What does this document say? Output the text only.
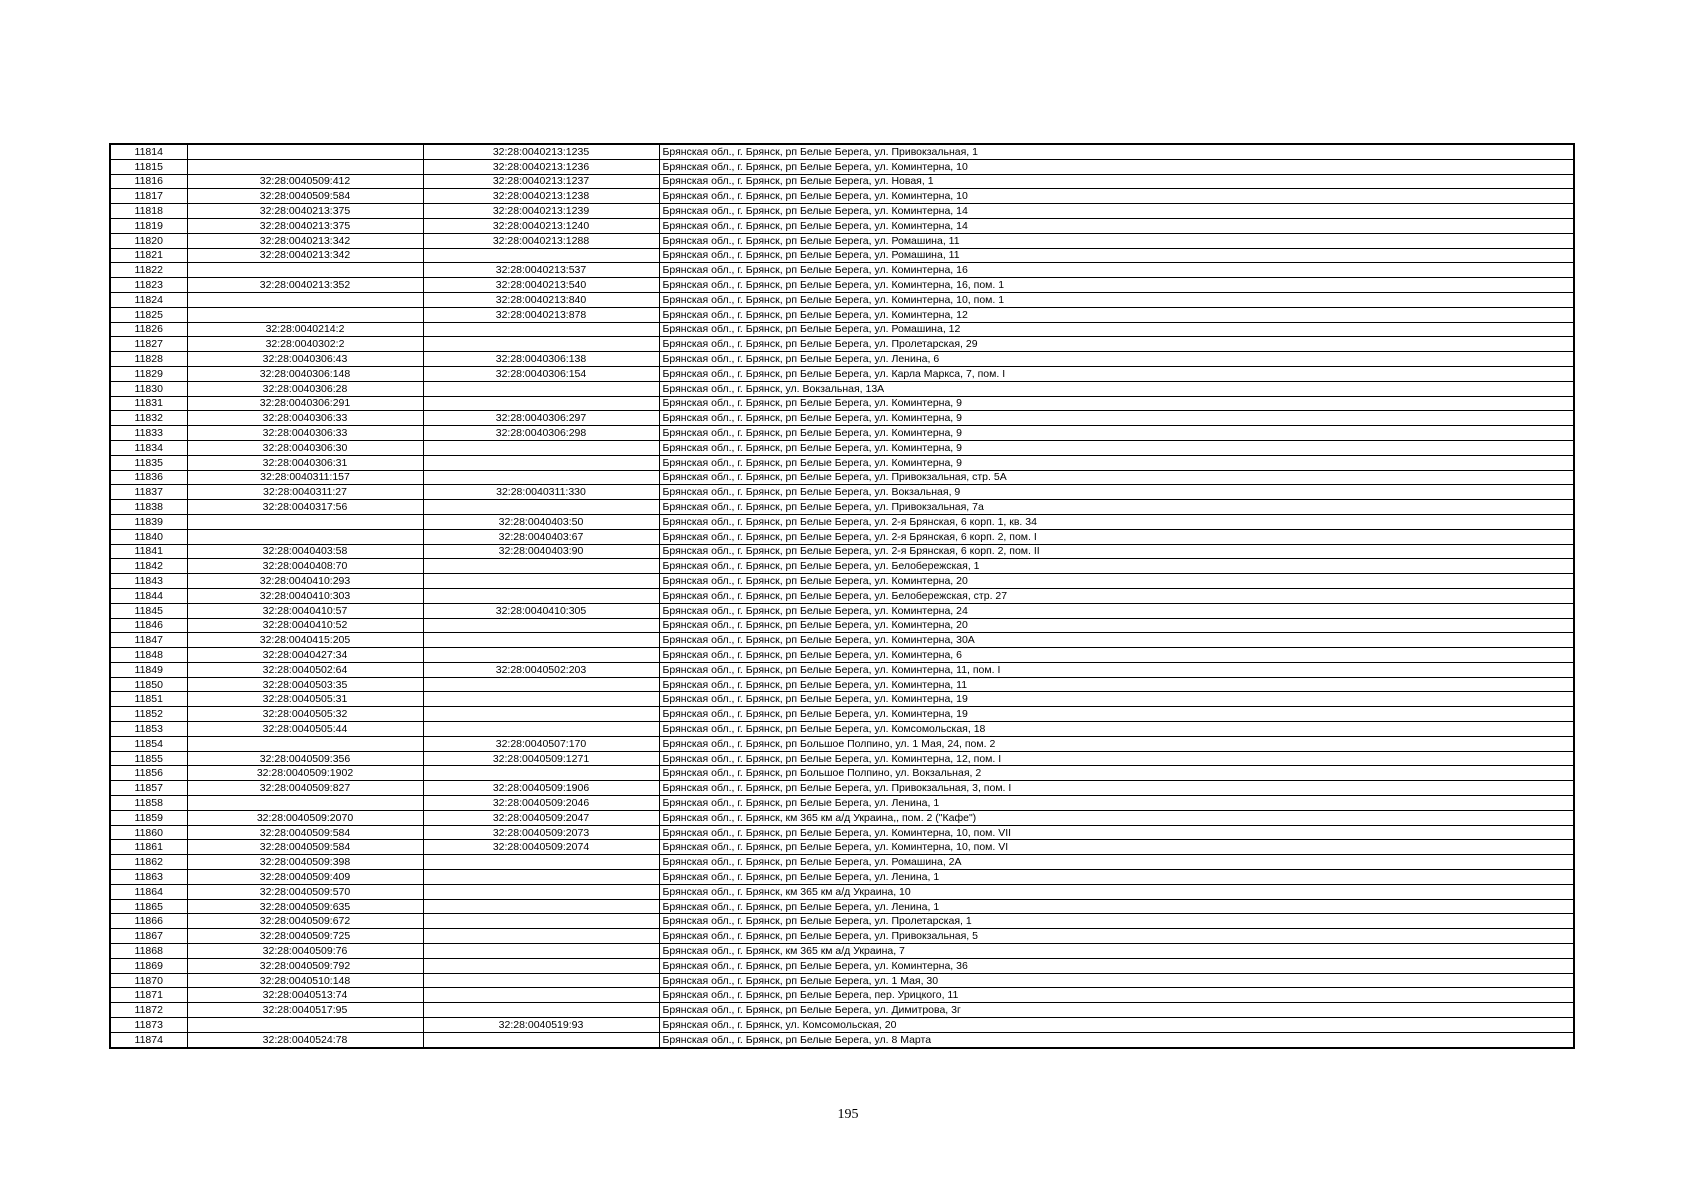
11814		32:28:0040213:1235	Брянская обл., г. Брянск, рп Белые Берега, ул. Привокзальная, 1
11815		32:28:0040213:1236	Брянская обл., г. Брянск, рп Белые Берега, ул. Коминтерна, 10
11816	32:28:0040509:412	32:28:0040213:1237	Брянская обл., г. Брянск, рп Белые Берега, ул. Новая, 1
11817	32:28:0040509:584	32:28:0040213:1238	Брянская обл., г. Брянск, рп Белые Берега, ул. Коминтерна, 10
11818	32:28:0040213:375	32:28:0040213:1239	Брянская обл., г. Брянск, рп Белые Берега, ул. Коминтерна, 14
11819	32:28:0040213:375	32:28:0040213:1240	Брянская обл., г. Брянск, рп Белые Берега, ул. Коминтерна, 14
11820	32:28:0040213:342	32:28:0040213:1288	Брянская обл., г. Брянск, рп Белые Берега, ул. Ромашина, 11
11821	32:28:0040213:342		Брянская обл., г. Брянск, рп Белые Берега, ул. Ромашина, 11
11822		32:28:0040213:537	Брянская обл., г. Брянск, рп Белые Берега, ул. Коминтерна, 16
11823	32:28:0040213:352	32:28:0040213:540	Брянская обл., г. Брянск, рп Белые Берега, ул. Коминтерна, 16, пом. 1
11824		32:28:0040213:840	Брянская обл., г. Брянск, рп Белые Берега, ул. Коминтерна, 10, пом. 1
11825		32:28:0040213:878	Брянская обл., г. Брянск, рп Белые Берега, ул. Коминтерна, 12
11826	32:28:0040214:2		Брянская обл., г. Брянск, рп Белые Берега, ул. Ромашина, 12
11827	32:28:0040302:2		Брянская обл., г. Брянск, рп Белые Берега, ул. Пролетарская, 29
11828	32:28:0040306:43	32:28:0040306:138	Брянская обл., г. Брянск, рп Белые Берега, ул. Ленина, 6
11829	32:28:0040306:148	32:28:0040306:154	Брянская обл., г. Брянск, рп Белые Берега, ул. Карла Маркса, 7, пом. I
11830	32:28:0040306:28		Брянская обл., г. Брянск, ул. Вокзальная, 13А
11831	32:28:0040306:291		Брянская обл., г. Брянск, рп Белые Берега, ул. Коминтерна, 9
11832	32:28:0040306:33	32:28:0040306:297	Брянская обл., г. Брянск, рп Белые Берега, ул. Коминтерна, 9
11833	32:28:0040306:33	32:28:0040306:298	Брянская обл., г. Брянск, рп Белые Берега, ул. Коминтерна, 9
11834	32:28:0040306:30		Брянская обл., г. Брянск, рп Белые Берега, ул. Коминтерна, 9
11835	32:28:0040306:31		Брянская обл., г. Брянск, рп Белые Берега, ул. Коминтерна, 9
11836	32:28:0040311:157		Брянская обл., г. Брянск, рп Белые Берега, ул. Привокзальная, стр. 5А
11837	32:28:0040311:27	32:28:0040311:330	Брянская обл., г. Брянск, рп Белые Берега, ул. Вокзальная, 9
11838	32:28:0040317:56		Брянская обл., г. Брянск, рп Белые Берега, ул. Привокзальная, 7а
11839		32:28:0040403:50	Брянская обл., г. Брянск, рп Белые Берега, ул. 2-я Брянская, 6 корп. 1, кв. 34
11840		32:28:0040403:67	Брянская обл., г. Брянск, рп Белые Берега, ул. 2-я Брянская, 6 корп. 2, пом. I
11841	32:28:0040403:58	32:28:0040403:90	Брянская обл., г. Брянск, рп Белые Берега, ул. 2-я Брянская, 6 корп. 2, пом. II
11842	32:28:0040408:70		Брянская обл., г. Брянск, рп Белые Берега, ул. Белобережская, 1
11843	32:28:0040410:293		Брянская обл., г. Брянск, рп Белые Берега, ул. Коминтерна, 20
11844	32:28:0040410:303		Брянская обл., г. Брянск, рп Белые Берега, ул. Белобережская, стр. 27
11845	32:28:0040410:57	32:28:0040410:305	Брянская обл., г. Брянск, рп Белые Берега, ул. Коминтерна, 24
11846	32:28:0040410:52		Брянская обл., г. Брянск, рп Белые Берега, ул. Коминтерна, 20
11847	32:28:0040415:205		Брянская обл., г. Брянск, рп Белые Берега, ул. Коминтерна, 30А
11848	32:28:0040427:34		Брянская обл., г. Брянск, рп Белые Берега, ул. Коминтерна, 6
11849	32:28:0040502:64	32:28:0040502:203	Брянская обл., г. Брянск, рп Белые Берега, ул. Коминтерна, 11, пом. I
11850	32:28:0040503:35		Брянская обл., г. Брянск, рп Белые Берега, ул. Коминтерна, 11
11851	32:28:0040505:31		Брянская обл., г. Брянск, рп Белые Берега, ул. Коминтерна, 19
11852	32:28:0040505:32		Брянская обл., г. Брянск, рп Белые Берега, ул. Коминтерна, 19
11853	32:28:0040505:44		Брянская обл., г. Брянск, рп Белые Берега, ул. Комсомольская, 18
11854		32:28:0040507:170	Брянская обл., г. Брянск, рп Большое Полпино, ул. 1 Мая, 24, пом. 2
11855	32:28:0040509:356	32:28:0040509:1271	Брянская обл., г. Брянск, рп Белые Берега, ул. Коминтерна, 12, пом. I
11856	32:28:0040509:1902		Брянская обл., г. Брянск, рп Большое Полпино, ул. Вокзальная, 2
11857	32:28:0040509:827	32:28:0040509:1906	Брянская обл., г. Брянск, рп Белые Берега, ул. Привокзальная, 3, пом. I
11858		32:28:0040509:2046	Брянская обл., г. Брянск, рп Белые Берега, ул. Ленина, 1
11859	32:28:0040509:2070	32:28:0040509:2047	Брянская обл., г. Брянск, км 365 км а/д Украина,, пом. 2 ("Кафе")
11860	32:28:0040509:584	32:28:0040509:2073	Брянская обл., г. Брянск, рп Белые Берега, ул. Коминтерна, 10, пом. VII
11861	32:28:0040509:584	32:28:0040509:2074	Брянская обл., г. Брянск, рп Белые Берега, ул. Коминтерна, 10, пом. VI
11862	32:28:0040509:398		Брянская обл., г. Брянск, рп Белые Берега, ул. Ромашина, 2А
11863	32:28:0040509:409		Брянская обл., г. Брянск, рп Белые Берега, ул. Ленина, 1
11864	32:28:0040509:570		Брянская обл., г. Брянск, км 365 км а/д Украина, 10
11865	32:28:0040509:635		Брянская обл., г. Брянск, рп Белые Берега, ул. Ленина, 1
11866	32:28:0040509:672		Брянская обл., г. Брянск, рп Белые Берега, ул. Пролетарская, 1
11867	32:28:0040509:725		Брянская обл., г. Брянск, рп Белые Берега, ул. Привокзальная, 5
11868	32:28:0040509:76		Брянская обл., г. Брянск, км 365 км а/д Украина, 7
11869	32:28:0040509:792		Брянская обл., г. Брянск, рп Белые Берега, ул. Коминтерна, 36
11870	32:28:0040510:148		Брянская обл., г. Брянск, рп Белые Берега, ул. 1 Мая, 30
11871	32:28:0040513:74		Брянская обл., г. Брянск, рп Белые Берега, пер. Урицкого, 11
11872	32:28:0040517:95		Брянская обл., г. Брянск, рп Белые Берега, ул. Димитрова, 3г
11873		32:28:0040519:93	Брянская обл., г. Брянск, ул. Комсомольская, 20
11874	32:28:0040524:78		Брянская обл., г. Брянск, рп Белые Берега, ул. 8 Марта
195
